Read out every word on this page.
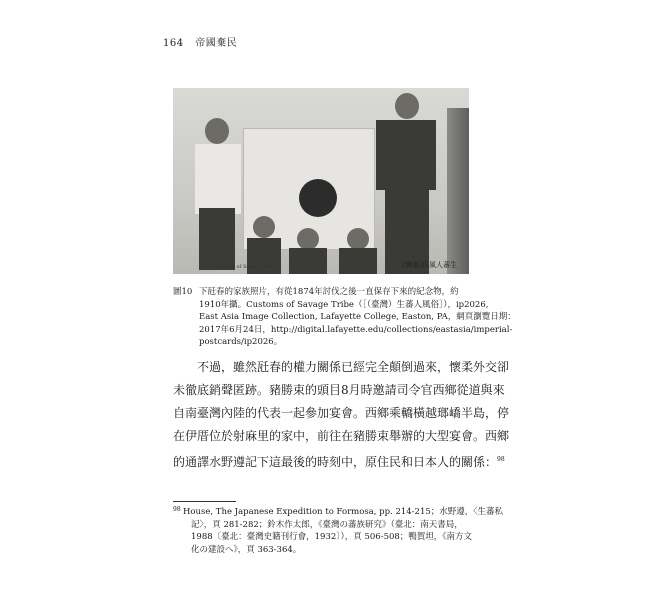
164 帝國棄民
Customs of Savage Tribe	(灣臺)俗風人蕃生
圖10 下瓩春的家族照片，有從1874年討伐之後一直保存下來的紀念物，約
1910年攝。Customs of Savage Tribe（［（臺灣）生蕃人風俗］），ip2026,
East Asia Image Collection, Lafayette College, Easton, PA，網頁瀏覽日期：
2017年6月24日，http://digital.lafayette.edu/collections/eastasia/imperial-
postcards/ip2026。
不過，雖然瓩春的權力關係已經完全顛倒過來，懷柔外交卻
未徹底銷聲匿跡。豬勝束的頭目8月時邀請司令官西鄉從道與來
自南臺灣內陸的代表一起參加宴會。西鄉乘轎橫越瑯嶠半島，停
在伊厝位於射麻里的家中，前往在豬勝束舉辦的大型宴會。西鄉
的通譯水野遵記下這最後的時刻中，原住民和日本人的關係：$^{98}$
98 House, The Japanese Expedition to Formosa, pp. 214-215；水野遵，〈生蕃私
記〉，頁 281-282；鈴木作太郎，《臺灣の蕃族研究》（臺北：南天書局，
1988〔臺北：臺灣史籍刊行會，1932〕），頁 506-508；鴨賀坦，《南方文
化の建設へ》，頁 363-364。
